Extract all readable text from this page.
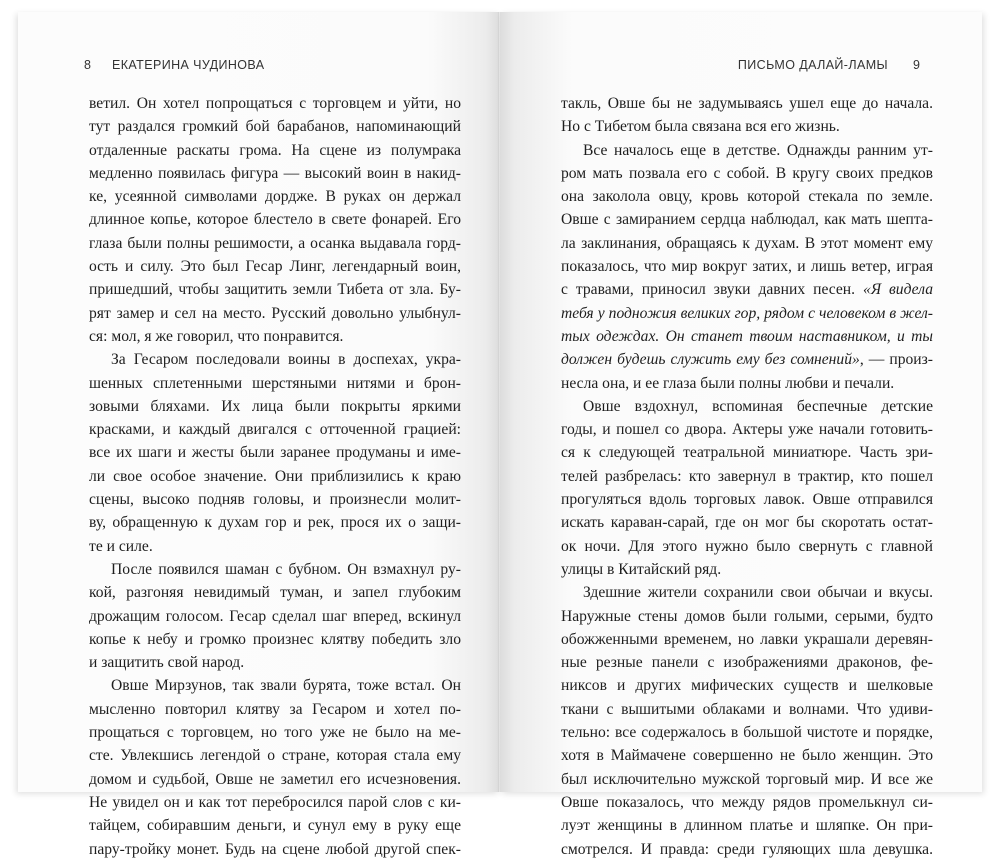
8 ЕКАТЕРИНА ЧУДИНОВА
ветил. Он хотел попрощаться с торговцем и уйти, но
тут раздался громкий бой барабанов, напоминающий
отдаленные раскаты грома. На сцене из полумрака
медленно появилась фигура — высокий воин в накид-
ке, усеянной символами дордже. В руках он держал
длинное копье, которое блестело в свете фонарей. Его
глаза были полны решимости, а осанка выдавала горд-
ость и силу. Это был Гесар Линг, легендарный воин,
пришедший, чтобы защитить земли Тибета от зла. Бу-
рят замер и сел на место. Русский довольно улыбнул-
ся: мол, я же говорил, что понравится.
За Гесаром последовали воины в доспехах, укра-
шенных сплетенными шерстяными нитями и брон-
зовыми бляхами. Их лица были покрыты яркими
красками, и каждый двигался с отточенной грацией:
все их шаги и жесты были заранее продуманы и име-
ли свое особое значение. Они приблизились к краю
сцены, высоко подняв головы, и произнесли молит-
ву, обращенную к духам гор и рек, прося их о защи-
те и силе.
После появился шаман с бубном. Он взмахнул ру-
кой, разгоняя невидимый туман, и запел глубоким
дрожащим голосом. Гесар сделал шаг вперед, вскинул
копье к небу и громко произнес клятву победить зло
и защитить свой народ.
Овше Мирзунов, так звали бурята, тоже встал. Он
мысленно повторил клятву за Гесаром и хотел по-
прощаться с торговцем, но того уже не было на ме-
сте. Увлекшись легендой о стране, которая стала ему
домом и судьбой, Овше не заметил его исчезновения.
Не увидел он и как тот перебросился парой слов с ки-
тайцем, собиравшим деньги, и сунул ему в руку еще
пару-тройку монет. Будь на сцене любой другой спек-
ПИСЬМО ДАЛАЙ-ЛАМЫ 9
такль, Овше бы не задумываясь ушел еще до начала.
Но с Тибетом была связана вся его жизнь.
Все началось еще в детстве. Однажды ранним ут-
ром мать позвала его с собой. В кругу своих предков
она заколола овцу, кровь которой стекала по земле.
Овше с замиранием сердца наблюдал, как мать шепта-
ла заклинания, обращаясь к духам. В этот момент ему
показалось, что мир вокруг затих, и лишь ветер, играя
с травами, приносил звуки давних песен. «Я видела
тебя у подножия великих гор, рядом с человеком в жел-
тых одеждах. Он станет твоим наставником, и ты
должен будешь служить ему без сомнений», — произ-
несла она, и ее глаза были полны любви и печали.
Овше вздохнул, вспоминая беспечные детские
годы, и пошел со двора. Актеры уже начали готовить-
ся к следующей театральной миниатюре. Часть зри-
телей разбрелась: кто завернул в трактир, кто пошел
прогуляться вдоль торговых лавок. Овше отправился
искать караван-сарай, где он мог бы скоротать остат-
ок ночи. Для этого нужно было свернуть с главной
улицы в Китайский ряд.
Здешние жители сохранили свои обычаи и вкусы.
Наружные стены домов были голыми, серыми, будто
обожженными временем, но лавки украшали деревян-
ные резные панели с изображениями драконов, фе-
никсов и других мифических существ и шелковые
ткани с вышитыми облаками и волнами. Что удиви-
тельно: все содержалось в большой чистоте и порядке,
хотя в Маймачене совершенно не было женщин. Это
был исключительно мужской торговый мир. И все же
Овше показалось, что между рядов промелькнул си-
луэт женщины в длинном платье и шляпке. Он при-
смотрелся. И правда: среди гуляющих шла девушка.
